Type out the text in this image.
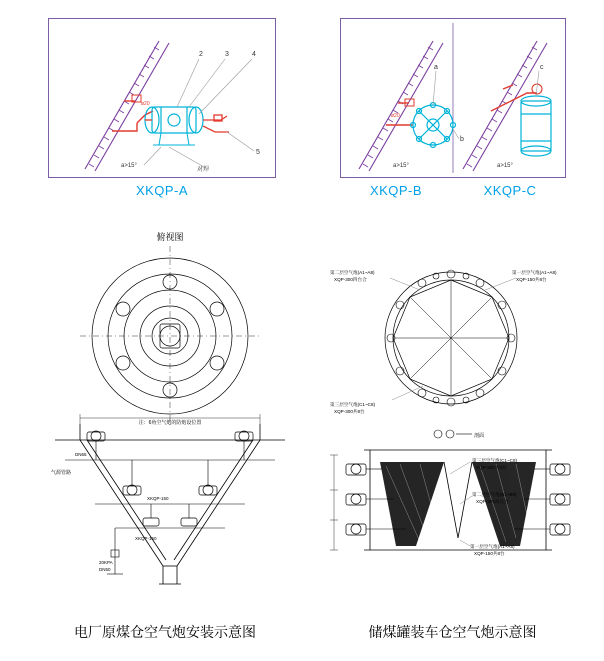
2	3	4
5
a>15°
对焊
ø20
a
b
a>15°
ø20
c
a>15°
XKQP-A	XKQP-B	XKQP-C
俯视图
注：6角空气炮的防炮设位置
气源管路
DN65
20KPA
DN50
XKQP-150
XKQP-150
第二层空气炮(A1~A8)
XQP-300四台合
第一层空气炮(A1~A8)
XQP-150共8台
第三层空气炮(C1~C8)
XQP-300共8台
剖面
第三层空气炮(C1~C8)
XQP-300共8台
第二层空气炮(B1~B8)
XQP-300高压台
第一层空气炮(A1~A8)
XQP-150共8台
电厂原煤仓空气炮安装示意图	储煤罐装车仓空气炮示意图
